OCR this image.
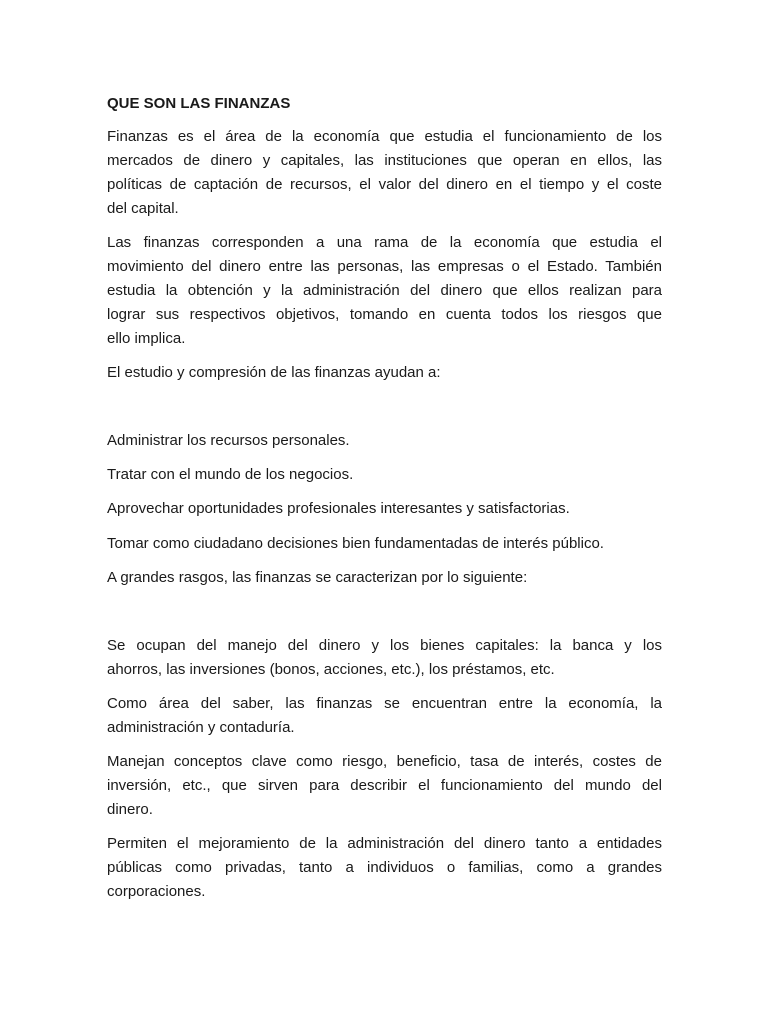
QUE SON LAS FINANZAS
Finanzas es el área de la economía que estudia el funcionamiento de los
mercados de dinero y capitales, las instituciones que operan en ellos, las
políticas de captación de recursos, el valor del dinero en el tiempo y el coste
del capital.
Las finanzas corresponden a una rama de la economía que estudia el
movimiento del dinero entre las personas, las empresas o el Estado. También
estudia la obtención y la administración del dinero que ellos realizan para
lograr sus respectivos objetivos, tomando en cuenta todos los riesgos que
ello implica.
El estudio y compresión de las finanzas ayudan a:
Administrar los recursos personales.
Tratar con el mundo de los negocios.
Aprovechar oportunidades profesionales interesantes y satisfactorias.
Tomar como ciudadano decisiones bien fundamentadas de interés público.
A grandes rasgos, las finanzas se caracterizan por lo siguiente:
Se ocupan del manejo del dinero y los bienes capitales: la banca y los
ahorros, las inversiones (bonos, acciones, etc.), los préstamos, etc.
Como área del saber, las finanzas se encuentran entre la economía, la
administración y contaduría.
Manejan conceptos clave como riesgo, beneficio, tasa de interés, costes de
inversión, etc., que sirven para describir el funcionamiento del mundo del
dinero.
Permiten el mejoramiento de la administración del dinero tanto a entidades
públicas como privadas, tanto a individuos o familias, como a grandes
corporaciones.
